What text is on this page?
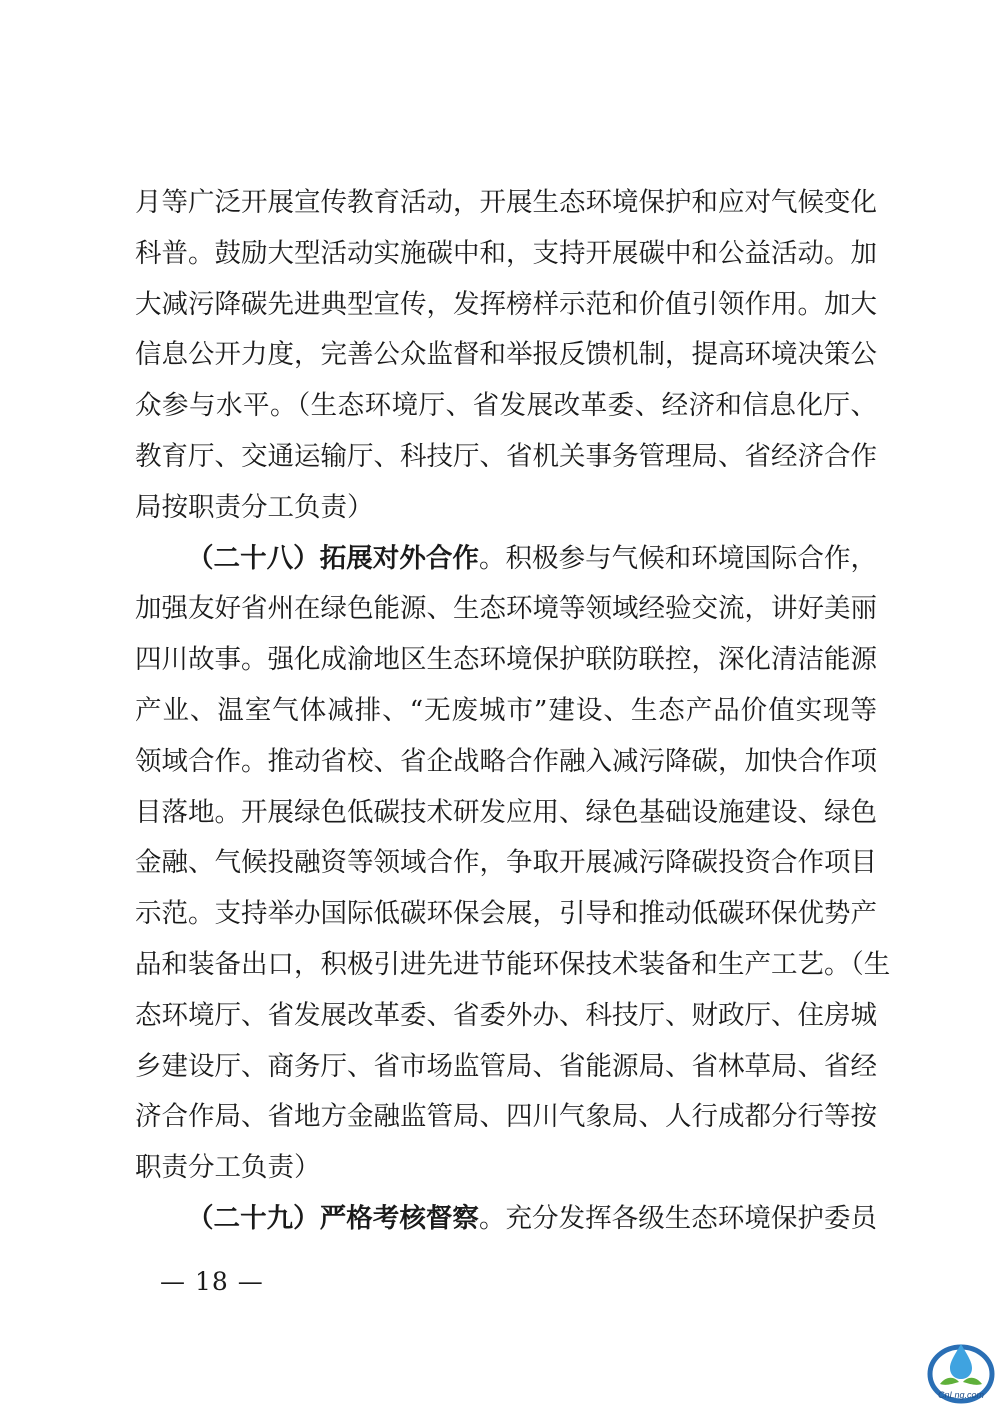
月等广泛开展宣传教育活动，开展生态环境保护和应对气候变化
科普。鼓励大型活动实施碳中和，支持开展碳中和公益活动。加
大减污降碳先进典型宣传，发挥榜样示范和价值引领作用。加大
信息公开力度，完善公众监督和举报反馈机制，提高环境决策公
众参与水平。（生态环境厅、省发展改革委、经济和信息化厅、
教育厅、交通运输厅、科技厅、省机关事务管理局、省经济合作
局按职责分工负责）
（二十八）拓展对外合作。积极参与气候和环境国际合作，
加强友好省州在绿色能源、生态环境等领域经验交流，讲好美丽
四川故事。强化成渝地区生态环境保护联防联控，深化清洁能源
产业、温室气体减排、“无废城市”建设、生态产品价值实现等
领域合作。推动省校、省企战略合作融入减污降碳，加快合作项
目落地。开展绿色低碳技术研发应用、绿色基础设施建设、绿色
金融、气候投融资等领域合作，争取开展减污降碳投资合作项目
示范。支持举办国际低碳环保会展，引导和推动低碳环保优势产
品和装备出口，积极引进先进节能环保技术装备和生产工艺。（生
态环境厅、省发展改革委、省委外办、科技厅、财政厅、住房城
乡建设厅、商务厅、省市场监管局、省能源局、省林草局、省经
济合作局、省地方金融监管局、四川气象局、人行成都分行等按
职责分工负责）
（二十九）严格考核督察。充分发挥各级生态环境保护委员
— 18 —
CnLng.com
